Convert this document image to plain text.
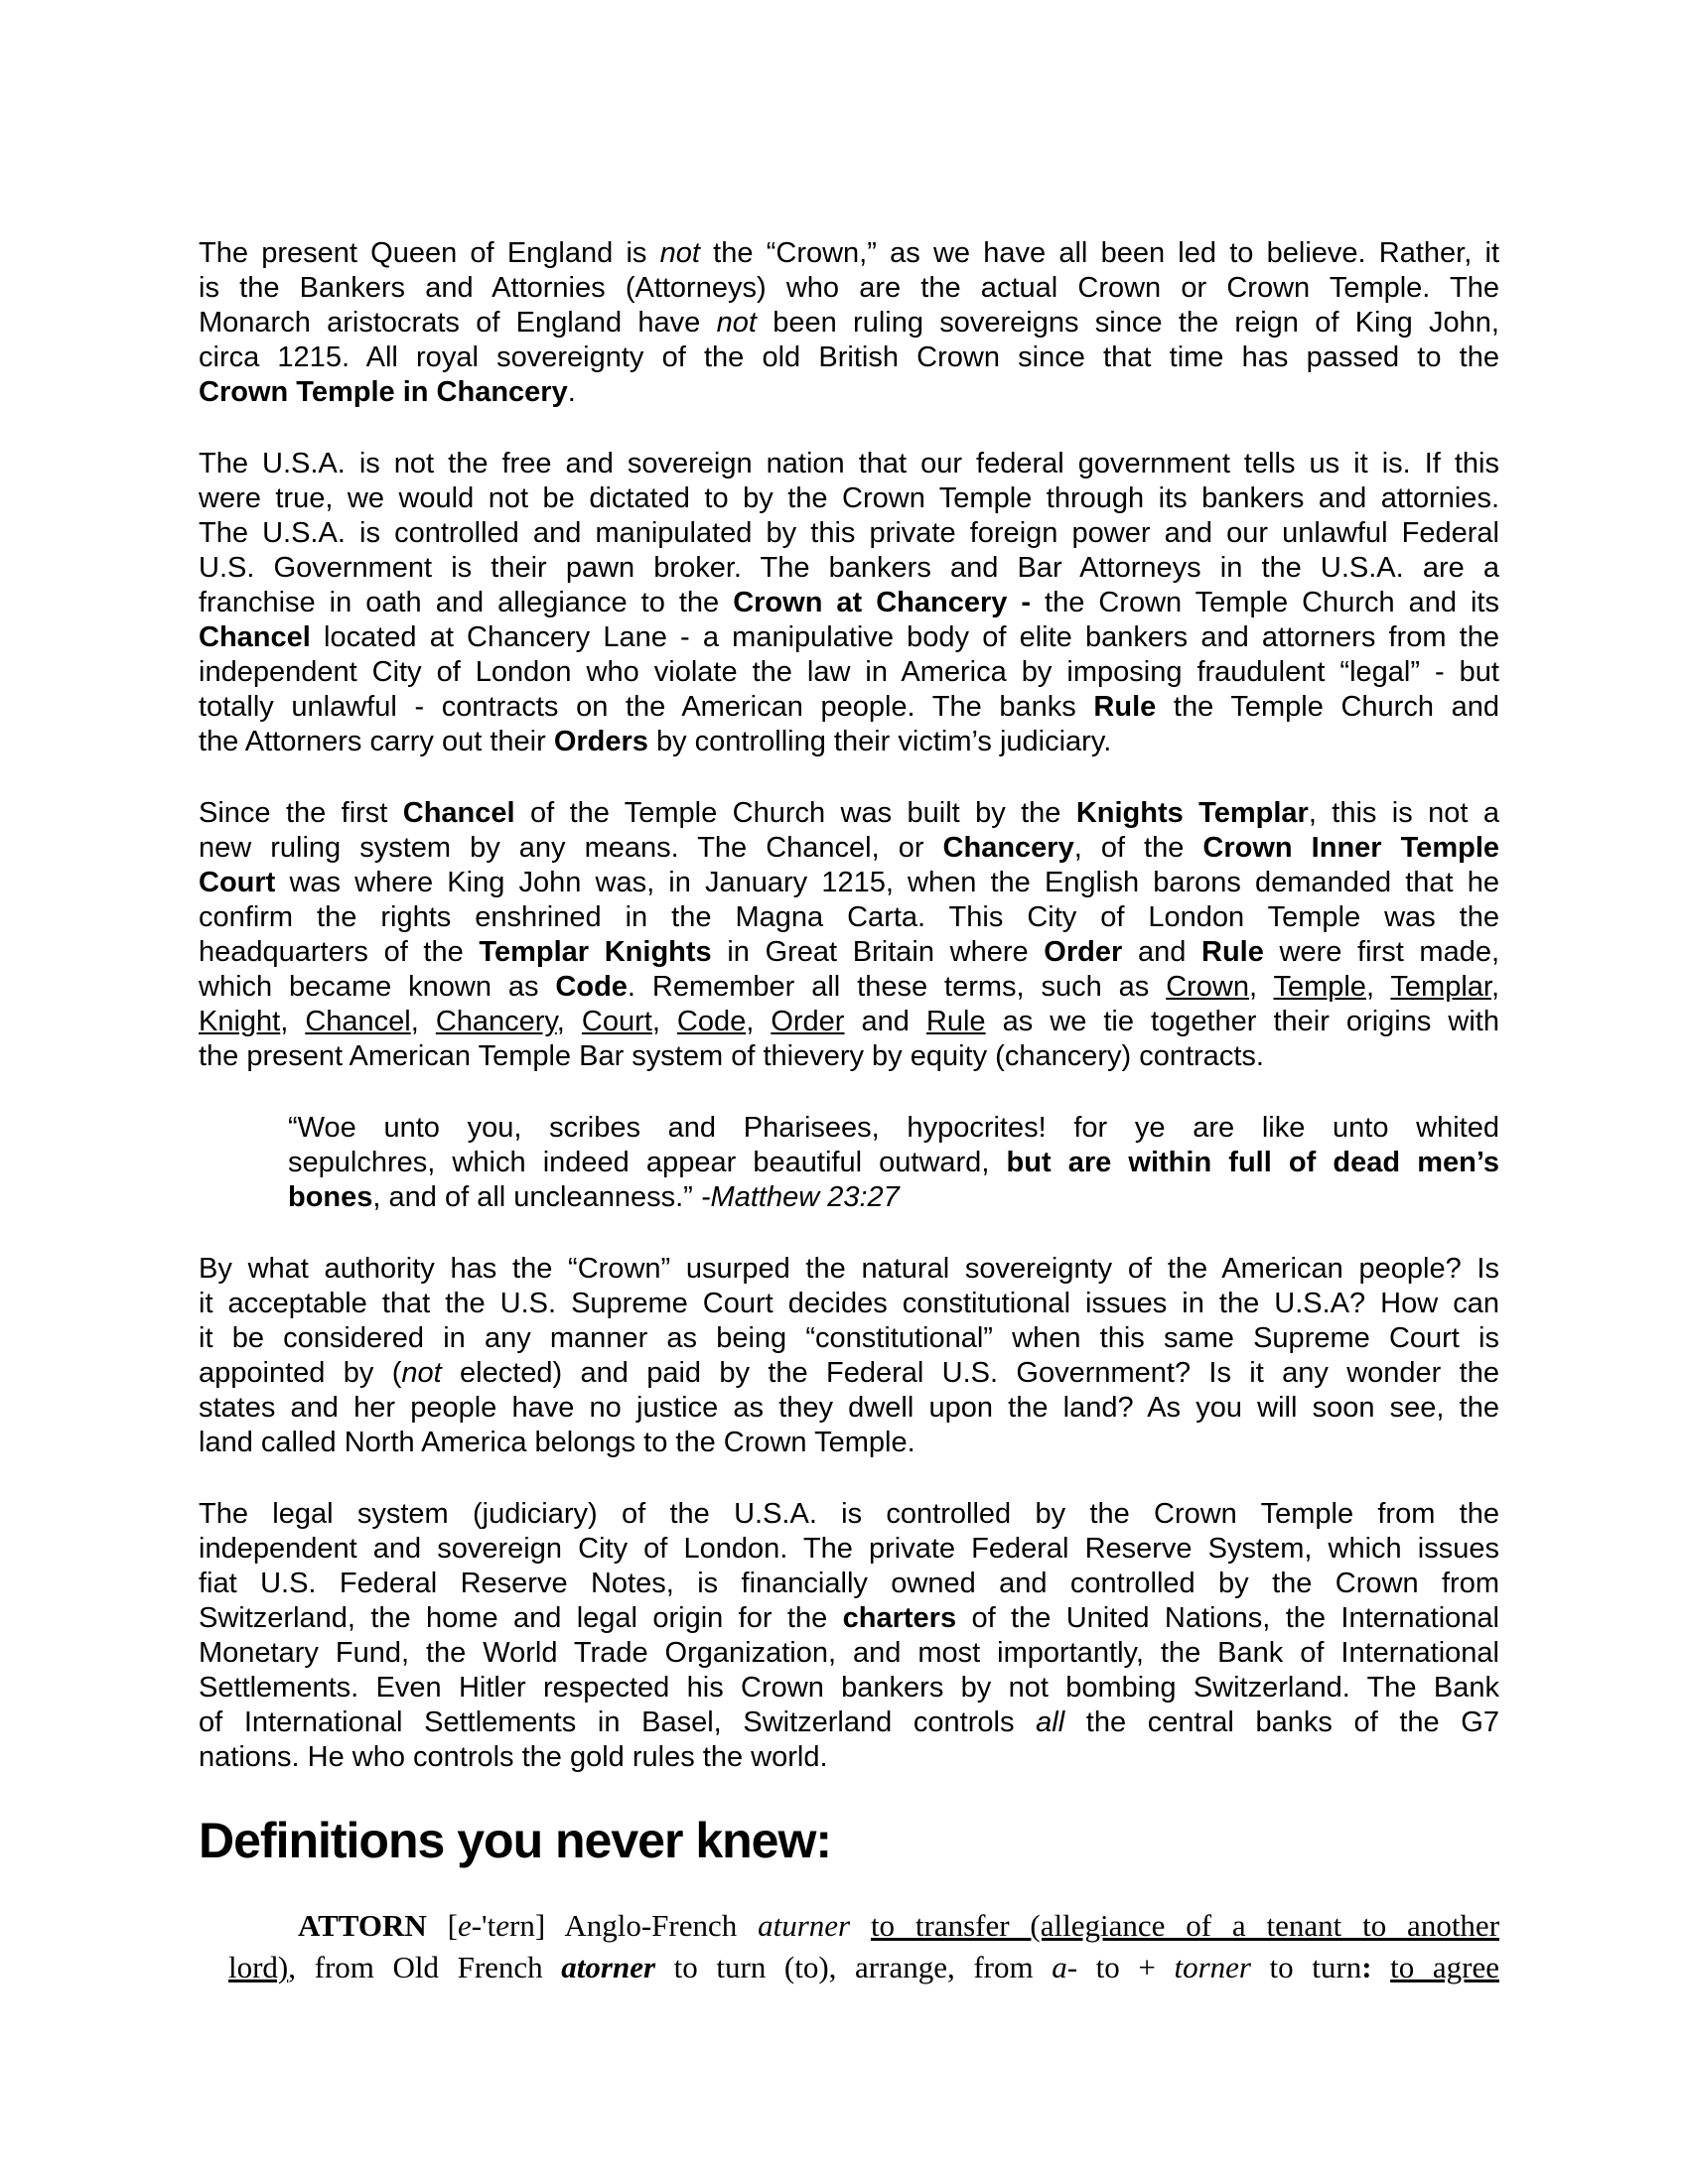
The present Queen of England is not the “Crown,” as we have all been led to believe. Rather, it
is the Bankers and Attornies (Attorneys) who are the actual Crown or Crown Temple. The
Monarch aristocrats of England have not been ruling sovereigns since the reign of King John,
circa 1215. All royal sovereignty of the old British Crown since that time has passed to the
Crown Temple in Chancery.
The U.S.A. is not the free and sovereign nation that our federal government tells us it is. If this
were true, we would not be dictated to by the Crown Temple through its bankers and attornies.
The U.S.A. is controlled and manipulated by this private foreign power and our unlawful Federal
U.S. Government is their pawn broker. The bankers and Bar Attorneys in the U.S.A. are a
franchise in oath and allegiance to the Crown at Chancery - the Crown Temple Church and its
Chancel located at Chancery Lane - a manipulative body of elite bankers and attorners from the
independent City of London who violate the law in America by imposing fraudulent “legal” - but
totally unlawful - contracts on the American people. The banks Rule the Temple Church and
the Attorners carry out their Orders by controlling their victim’s judiciary.
Since the first Chancel of the Temple Church was built by the Knights Templar, this is not a
new ruling system by any means. The Chancel, or Chancery, of the Crown Inner Temple
Court was where King John was, in January 1215, when the English barons demanded that he
confirm the rights enshrined in the Magna Carta. This City of London Temple was the
headquarters of the Templar Knights in Great Britain where Order and Rule were first made,
which became known as Code. Remember all these terms, such as Crown, Temple, Templar,
Knight, Chancel, Chancery, Court, Code, Order and Rule as we tie together their origins with
the present American Temple Bar system of thievery by equity (chancery) contracts.
“Woe unto you, scribes and Pharisees, hypocrites! for ye are like unto whited
sepulchres, which indeed appear beautiful outward, but are within full of dead men’s
bones, and of all uncleanness.” -Matthew 23:27
By what authority has the “Crown” usurped the natural sovereignty of the American people? Is
it acceptable that the U.S. Supreme Court decides constitutional issues in the U.S.A? How can
it be considered in any manner as being “constitutional” when this same Supreme Court is
appointed by (not elected) and paid by the Federal U.S. Government? Is it any wonder the
states and her people have no justice as they dwell upon the land? As you will soon see, the
land called North America belongs to the Crown Temple.
The legal system (judiciary) of the U.S.A. is controlled by the Crown Temple from the
independent and sovereign City of London. The private Federal Reserve System, which issues
fiat U.S. Federal Reserve Notes, is financially owned and controlled by the Crown from
Switzerland, the home and legal origin for the charters of the United Nations, the International
Monetary Fund, the World Trade Organization, and most importantly, the Bank of International
Settlements. Even Hitler respected his Crown bankers by not bombing Switzerland. The Bank
of International Settlements in Basel, Switzerland controls all the central banks of the G7
nations. He who controls the gold rules the world.
Definitions you never knew:
ATTORN [e-'tern] Anglo-French aturner to transfer (allegiance of a tenant to another
lord), from Old French atorner to turn (to), arrange, from a- to + torner to turn: to agree
